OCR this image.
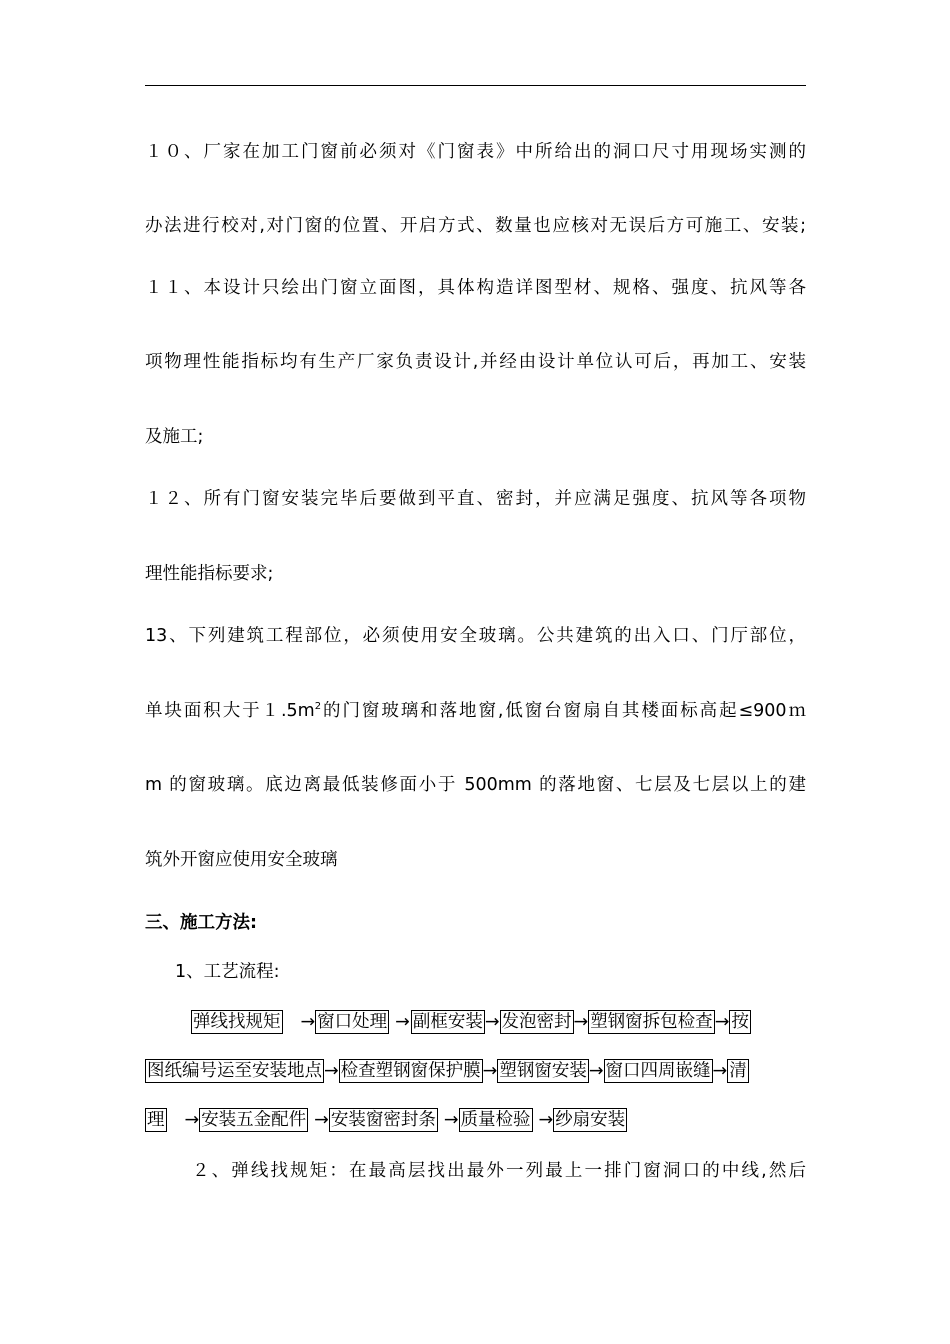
１０、厂家在加工门窗前必须对《门窗表》中所给出的洞口尺寸用现场实测的
办法进行校对,对门窗的位置、开启方式、数量也应核对无误后方可施工、安装;
１１、本设计只绘出门窗立面图，具体构造详图型材、规格、强度、抗风等各
项物理性能指标均有生产厂家负责设计,并经由设计单位认可后，再加工、安装
及施工;
１２、所有门窗安装完毕后要做到平直、密封，并应满足强度、抗风等各项物
理性能指标要求;
13、下列建筑工程部位，必须使用安全玻璃。公共建筑的出入口、门厅部位，
单块面积大于$1.5m^2$的门窗玻璃和落地窗,低窗台窗扇自其楼面标高起≤900ｍ
m 的窗玻璃。底边离最低装修面小于 500mm 的落地窗、七层及七层以上的建
筑外开窗应使用安全玻璃
三、施工方法:
1、工艺流程:
弹线找规矩 → 窗口处理 → 副框安装 → 发泡密封 → 塑钢窗拆包检查 → 按
图纸编号运至安装地点 → 检查塑钢窗保护膜 → 塑钢窗安装 → 窗口四周嵌缝 → 清
理 → 安装五金配件 → 安装窗密封条 → 质量检验 → 纱扇安装
２、弹线找规矩：在最高层找出最外一列最上一排门窗洞口的中线,然后
